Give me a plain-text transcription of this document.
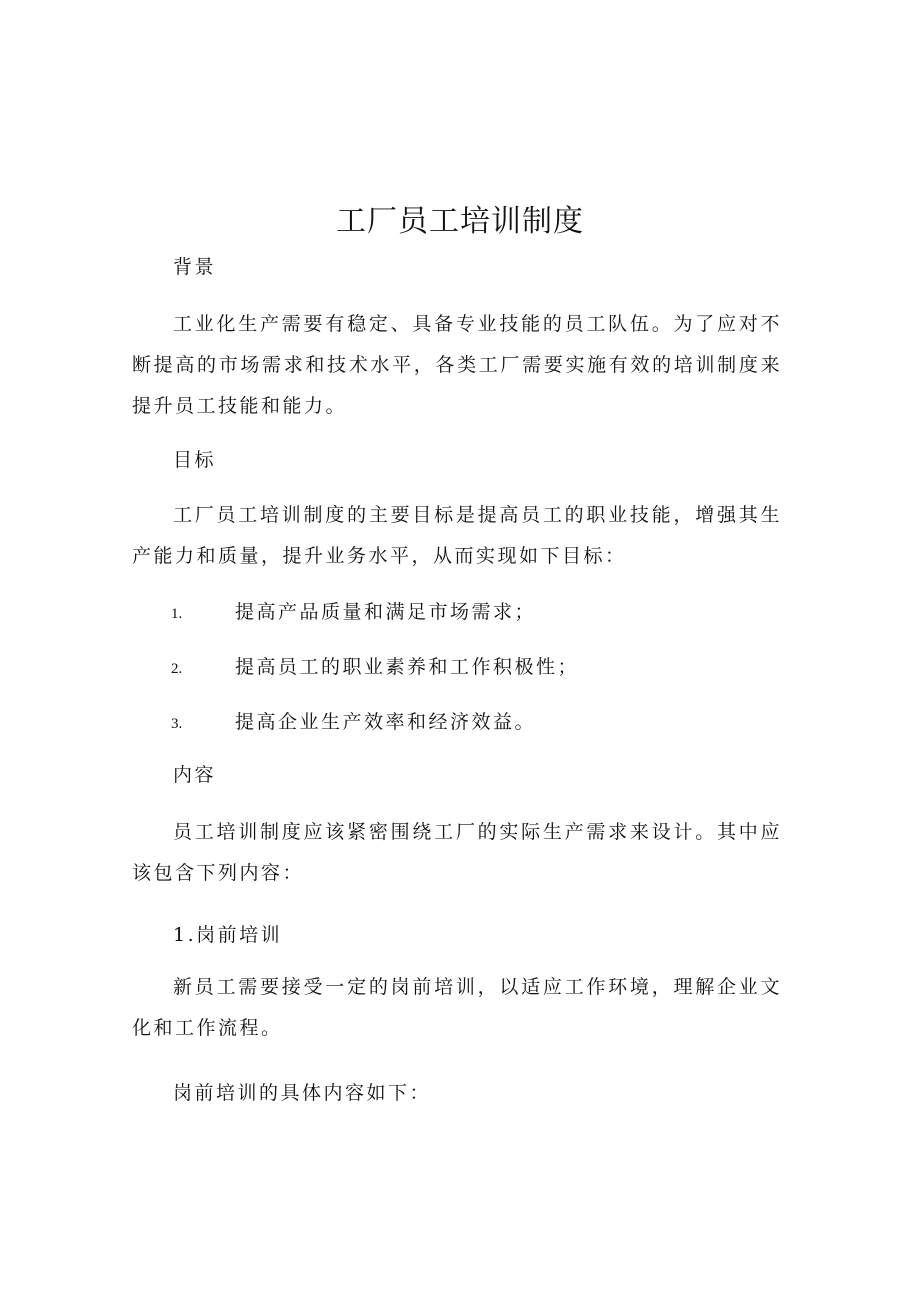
工厂员工培训制度

背景

工业化生产需要有稳定、具备专业技能的员工队伍。为了应对不断提高的市场需求和技术水平，各类工厂需要实施有效的培训制度来提升员工技能和能力。

目标

工厂员工培训制度的主要目标是提高员工的职业技能，增强其生产能力和质量，提升业务水平，从而实现如下目标：

1.	提高产品质量和满足市场需求；

2.	提高员工的职业素养和工作积极性；

3.	提高企业生产效率和经济效益。

内容

员工培训制度应该紧密围绕工厂的实际生产需求来设计。其中应该包含下列内容：

1.岗前培训

新员工需要接受一定的岗前培训，以适应工作环境，理解企业文化和工作流程。

岗前培训的具体内容如下：
